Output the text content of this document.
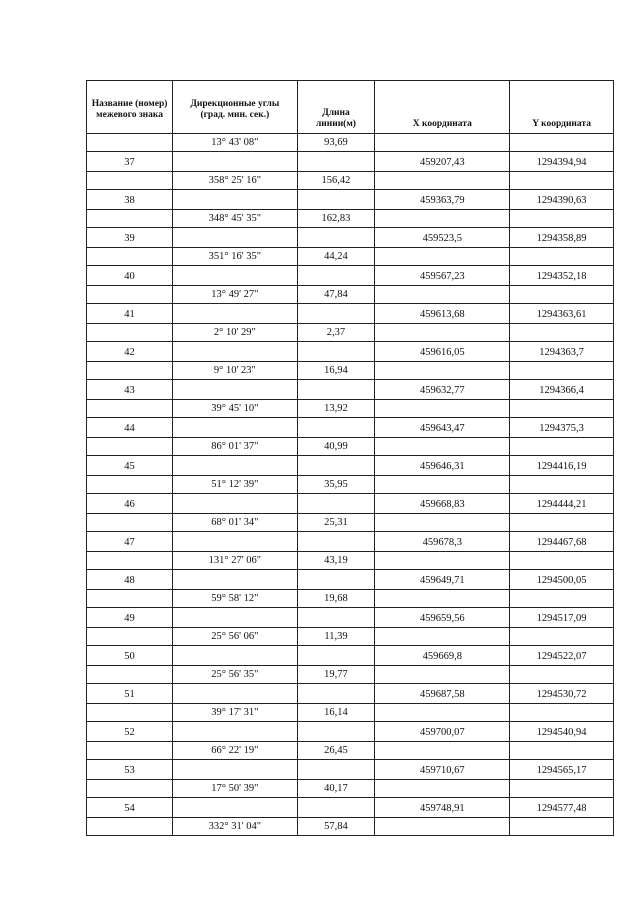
Название (номер) межевого знака	Дирекционные углы (град. мин. сек.)	Длина линии(м)	X координата	Y координата
	13° 43' 08"	93,69		
37			459207,43	1294394,94
	358° 25' 16"	156,42		
38			459363,79	1294390,63
	348° 45' 35"	162,83		
39			459523,5	1294358,89
	351° 16' 35"	44,24		
40			459567,23	1294352,18
	13° 49' 27"	47,84		
41			459613,68	1294363,61
	2° 10' 29"	2,37		
42			459616,05	1294363,7
	9° 10' 23"	16,94		
43			459632,77	1294366,4
	39° 45' 10"	13,92		
44			459643,47	1294375,3
	86° 01' 37"	40,99		
45			459646,31	1294416,19
	51° 12' 39"	35,95		
46			459668,83	1294444,21
	68° 01' 34"	25,31		
47			459678,3	1294467,68
	131° 27' 06"	43,19		
48			459649,71	1294500,05
	59° 58' 12"	19,68		
49			459659,56	1294517,09
	25° 56' 06"	11,39		
50			459669,8	1294522,07
	25° 56' 35"	19,77		
51			459687,58	1294530,72
	39° 17' 31"	16,14		
52			459700,07	1294540,94
	66° 22' 19"	26,45		
53			459710,67	1294565,17
	17° 50' 39"	40,17		
54			459748,91	1294577,48
	332° 31' 04"	57,84		
